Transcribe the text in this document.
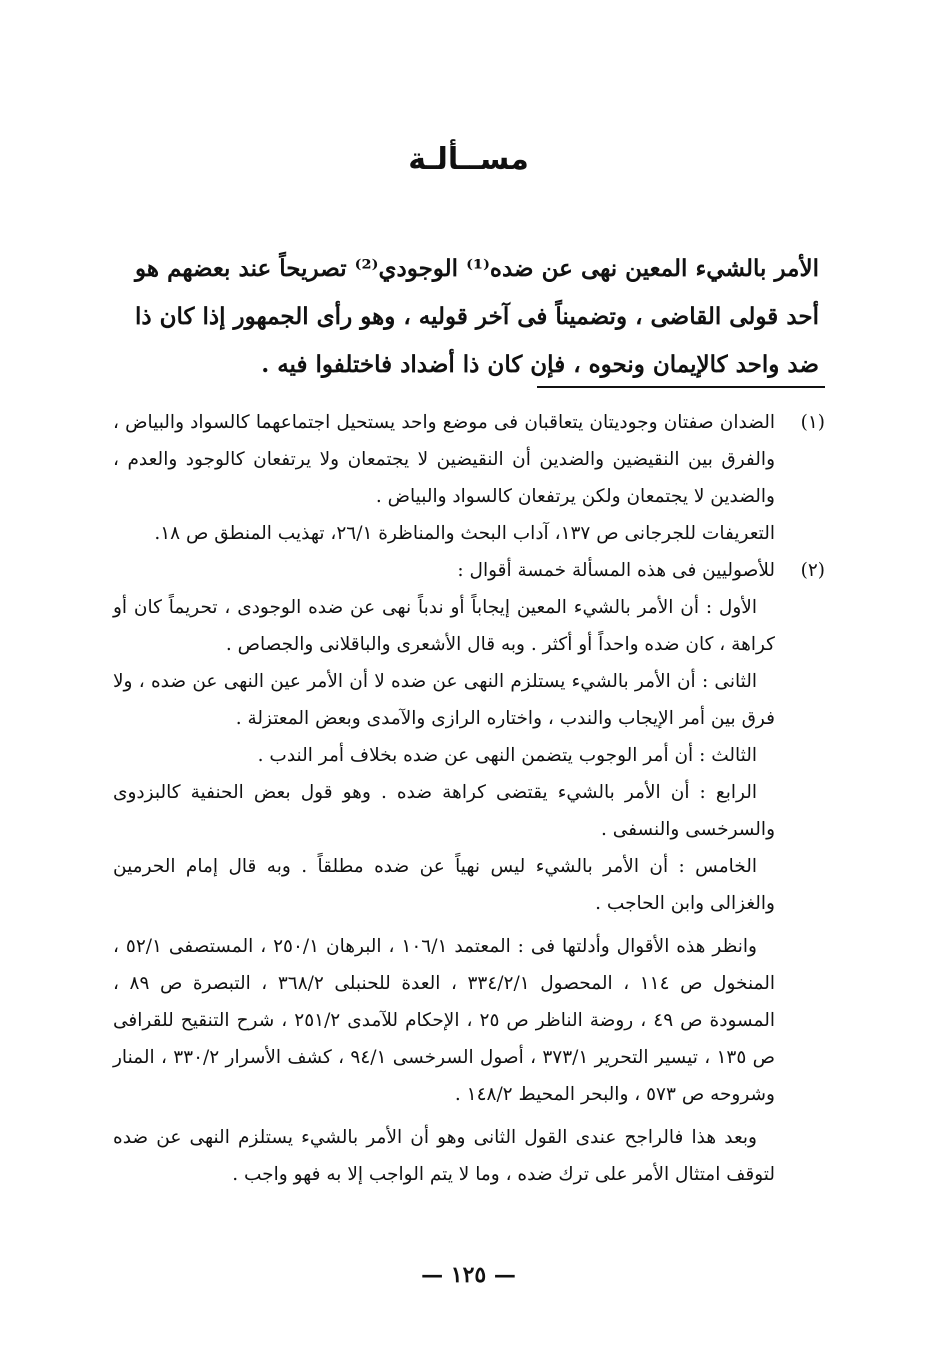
مســألـة
الأمر بالشيء المعين نهى عن ضده⁽¹⁾ الوجودي⁽²⁾ تصريحاً عند بعضهم هو أحد قولى القاضى ، وتضميناً فى آخر قوليه ، وهو رأى الجمهور إذا كان ذا ضد واحد كالإيمان ونحوه ، فإن كان ذا أضداد فاختلفوا فيه .
(١)

الضدان صفتان وجوديتان يتعاقبان فى موضع واحد يستحيل اجتماعهما كالسواد والبياض ، والفرق بين النقيضين والضدين أن النقيضين لا يجتمعان ولا يرتفعان كالوجود والعدم ، والضدين لا يجتمعان ولكن يرتفعان كالسواد والبياض .

التعريفات للجرجانى ص ١٣٧، آداب البحث والمناظرة ٢٦/١، تهذيب المنطق ص ١٨.

(٢)

للأصوليين فى هذه المسألة خمسة أقوال :

الأول : أن الأمر بالشيء المعين إيجاباً أو ندباً نهى عن ضده الوجودى ، تحريماً كان أو كراهة ، كان ضده واحداً أو أكثر . وبه قال الأشعرى والباقلانى والجصاص .

الثانى : أن الأمر بالشيء يستلزم النهى عن ضده لا أن الأمر عين النهى عن ضده ، ولا فرق بين أمر الإيجاب والندب ، واختاره الرازى والآمدى وبعض المعتزلة .

الثالث : أن أمر الوجوب يتضمن النهى عن ضده بخلاف أمر الندب .

الرابع : أن الأمر بالشيء يقتضى كراهة ضده . وهو قول بعض الحنفية كالبزدوى والسرخسى والنسفى .

الخامس : أن الأمر بالشيء ليس نهياً عن ضده مطلقاً . وبه قال إمام الحرمين والغزالى وابن الحاجب .

وانظر هذه الأقوال وأدلتها فى : المعتمد ١٠٦/١ ، البرهان ٢٥٠/١ ، المستصفى ٥٢/١ ، المنخول ص ١١٤ ، المحصول ٣٣٤/٢/١ ، العدة للحنبلى ٣٦٨/٢ ، التبصرة ص ٨٩ ، المسودة ص ٤٩ ، روضة الناظر ص ٢٥ ، الإحكام للآمدى ٢٥١/٢ ، شرح التنقيح للقرافى ص ١٣٥ ، تيسير التحرير ٣٧٣/١ ، أصول السرخسى ٩٤/١ ، كشف الأسرار ٣٣٠/٢ ، المنار وشروحه ص ٥٧٣ ، والبحر المحيط ١٤٨/٢ .

وبعد هذا فالراجح عندى القول الثانى وهو أن الأمر بالشيء يستلزم النهى عن ضده لتوقف امتثال الأمر على ترك ضده ، وما لا يتم الواجب إلا به فهو واجب .

— ١٢٥ —
